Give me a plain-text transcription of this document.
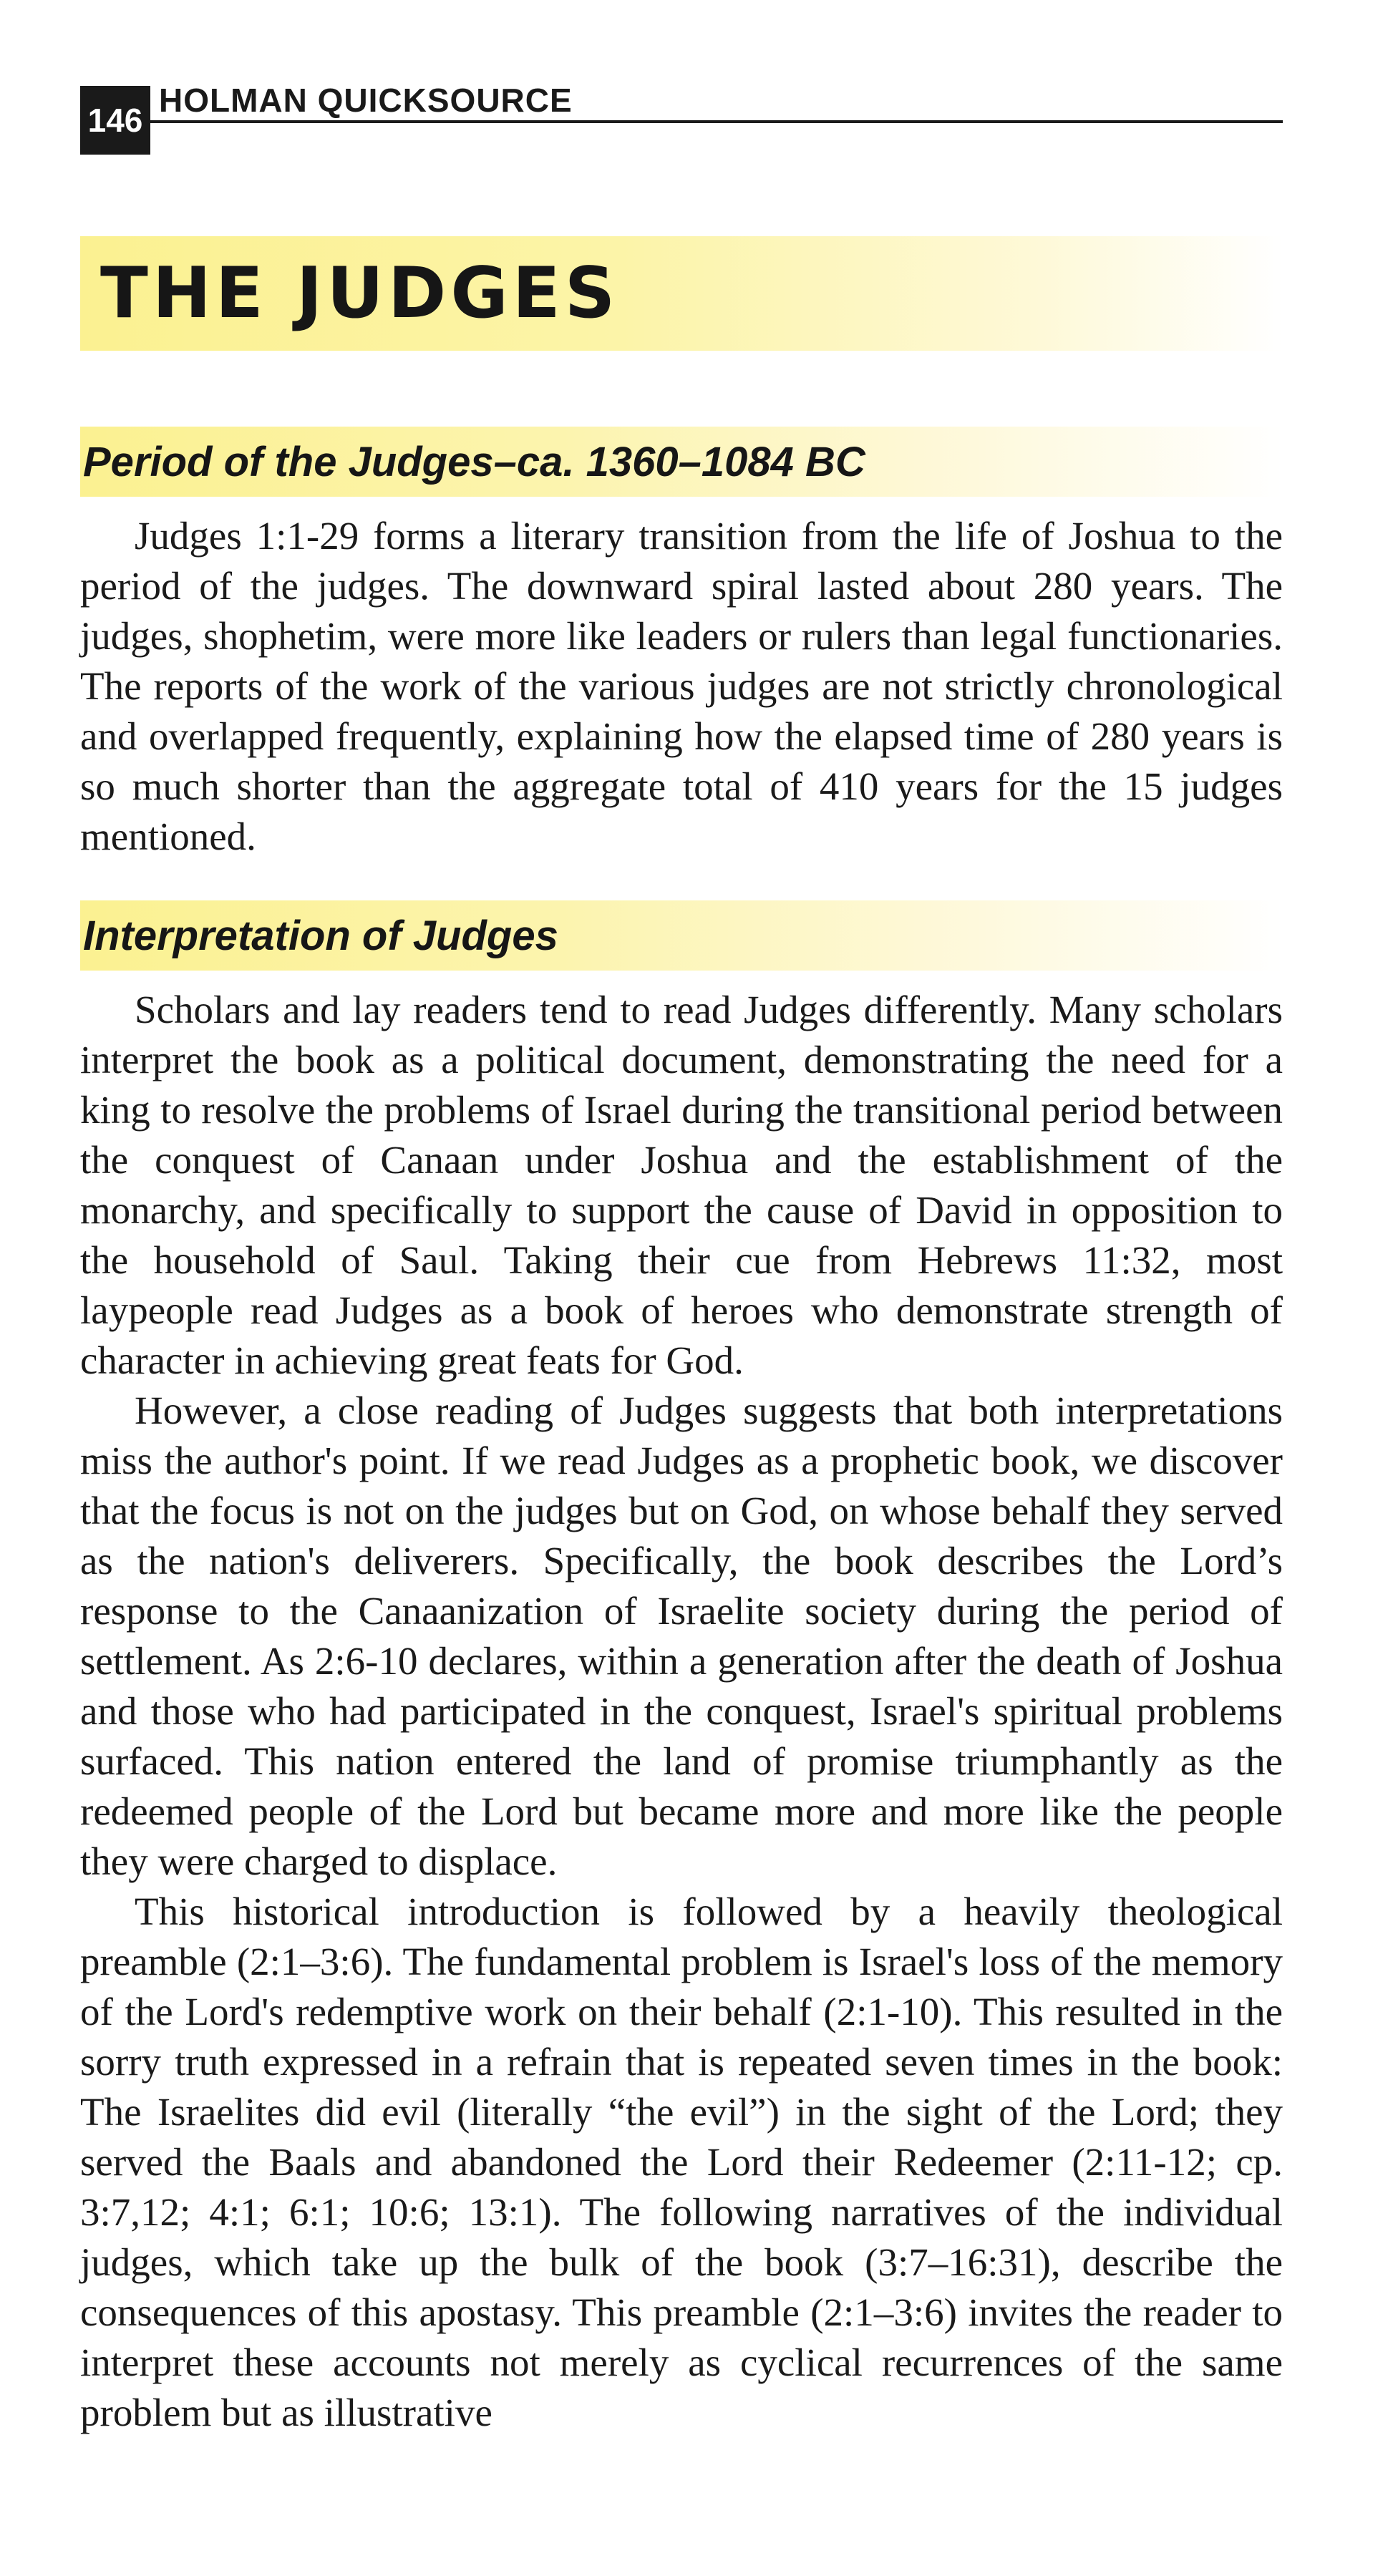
146
HOLMAN QUICKSOURCE
THE JUDGES
Period of the Judges–ca. 1360–1084 BC

Judges 1:1-29 forms a literary transition from the life of Joshua to the period of the judges. The downward spiral lasted about 280 years. The judges, shophetim, were more like leaders or rulers than legal functionaries. The reports of the work of the various judges are not strictly chronological and overlapped frequently, explaining how the elapsed time of 280 years is so much shorter than the aggregate total of 410 years for the 15 judges mentioned.

Interpretation of Judges

Scholars and lay readers tend to read Judges differently. Many scholars interpret the book as a political document, demonstrating the need for a king to resolve the problems of Israel during the transitional period between the conquest of Canaan under Joshua and the establishment of the monarchy, and specifically to support the cause of David in opposition to the household of Saul. Taking their cue from Hebrews 11:32, most laypeople read Judges as a book of heroes who demonstrate strength of character in achieving great feats for God.

However, a close reading of Judges suggests that both interpretations miss the author's point. If we read Judges as a prophetic book, we discover that the focus is not on the judges but on God, on whose behalf they served as the nation's deliverers. Specifically, the book describes the Lord’s response to the Canaanization of Israelite society during the period of settlement. As 2:6-10 declares, within a generation after the death of Joshua and those who had participated in the conquest, Israel's spiritual problems surfaced. This nation entered the land of promise triumphantly as the redeemed people of the Lord but became more and more like the people they were charged to displace.

This historical introduction is followed by a heavily theological preamble (2:1–3:6). The fundamental problem is Israel's loss of the memory of the Lord's redemptive work on their behalf (2:1-10). This resulted in the sorry truth expressed in a refrain that is repeated seven times in the book: The Israelites did evil (literally “the evil”) in the sight of the Lord; they served the Baals and abandoned the Lord their Redeemer (2:11-12; cp. 3:7,12; 4:1; 6:1; 10:6; 13:1). The following narratives of the individual judges, which take up the bulk of the book (3:7–16:31), describe the consequences of this apostasy. This preamble (2:1–3:6) invites the reader to interpret these accounts not merely as cyclical recurrences of the same problem but as illustrative
